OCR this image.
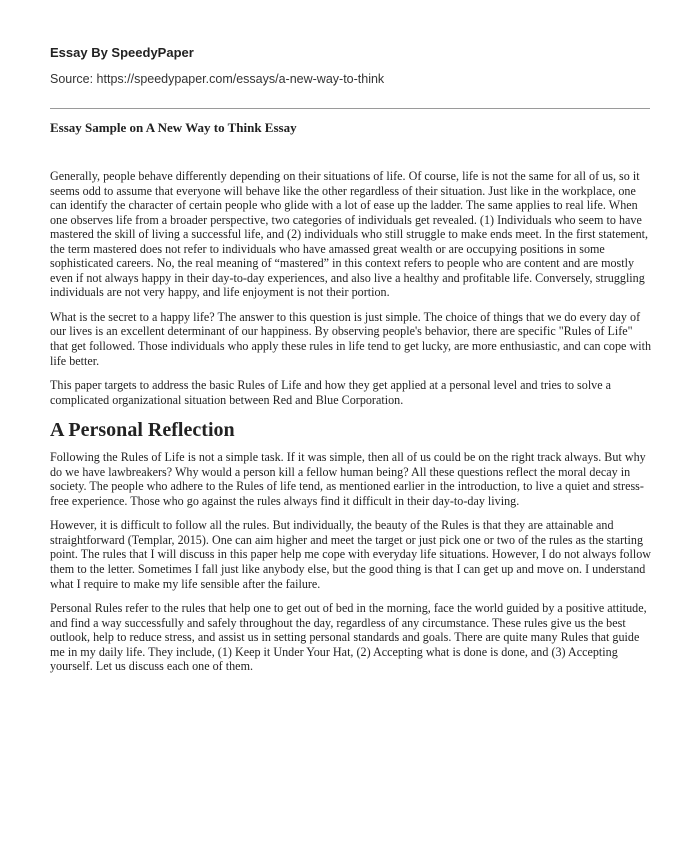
Essay By SpeedyPaper
Source: https://speedypaper.com/essays/a-new-way-to-think
Essay Sample on A New Way to Think Essay

Generally, people behave differently depending on their situations of life. Of course, life is not the same for all of us, so it seems odd to assume that everyone will behave like the other regardless of their situation. Just like in the workplace, one can identify the character of certain people who glide with a lot of ease up the ladder. The same applies to real life. When one observes life from a broader perspective, two categories of individuals get revealed. (1) Individuals who seem to have mastered the skill of living a successful life, and (2) individuals who still struggle to make ends meet. In the first statement, the term mastered does not refer to individuals who have amassed great wealth or are occupying positions in some sophisticated careers. No, the real meaning of “mastered” in this context refers to people who are content and are mostly even if not always happy in their day-to-day experiences, and also live a healthy and profitable life. Conversely, struggling individuals are not very happy, and life enjoyment is not their portion.

What is the secret to a happy life? The answer to this question is just simple. The choice of things that we do every day of our lives is an excellent determinant of our happiness. By observing people's behavior, there are specific "Rules of Life" that get followed. Those individuals who apply these rules in life tend to get lucky, are more enthusiastic, and can cope with life better.

This paper targets to address the basic Rules of Life and how they get applied at a personal level and tries to solve a complicated organizational situation between Red and Blue Corporation.

A Personal Reflection

Following the Rules of Life is not a simple task. If it was simple, then all of us could be on the right track always. But why do we have lawbreakers? Why would a person kill a fellow human being? All these questions reflect the moral decay in society. The people who adhere to the Rules of life tend, as mentioned earlier in the introduction, to live a quiet and stress-free experience. Those who go against the rules always find it difficult in their day-to-day living.

However, it is difficult to follow all the rules. But individually, the beauty of the Rules is that they are attainable and straightforward (Templar, 2015). One can aim higher and meet the target or just pick one or two of the rules as the starting point. The rules that I will discuss in this paper help me cope with everyday life situations. However, I do not always follow them to the letter. Sometimes I fall just like anybody else, but the good thing is that I can get up and move on. I understand what I require to make my life sensible after the failure.

Personal Rules refer to the rules that help one to get out of bed in the morning, face the world guided by a positive attitude, and find a way successfully and safely throughout the day, regardless of any circumstance. These rules give us the best outlook, help to reduce stress, and assist us in setting personal standards and goals. There are quite many Rules that guide me in my daily life. They include, (1) Keep it Under Your Hat, (2) Accepting what is done is done, and (3) Accepting yourself. Let us discuss each one of them.
